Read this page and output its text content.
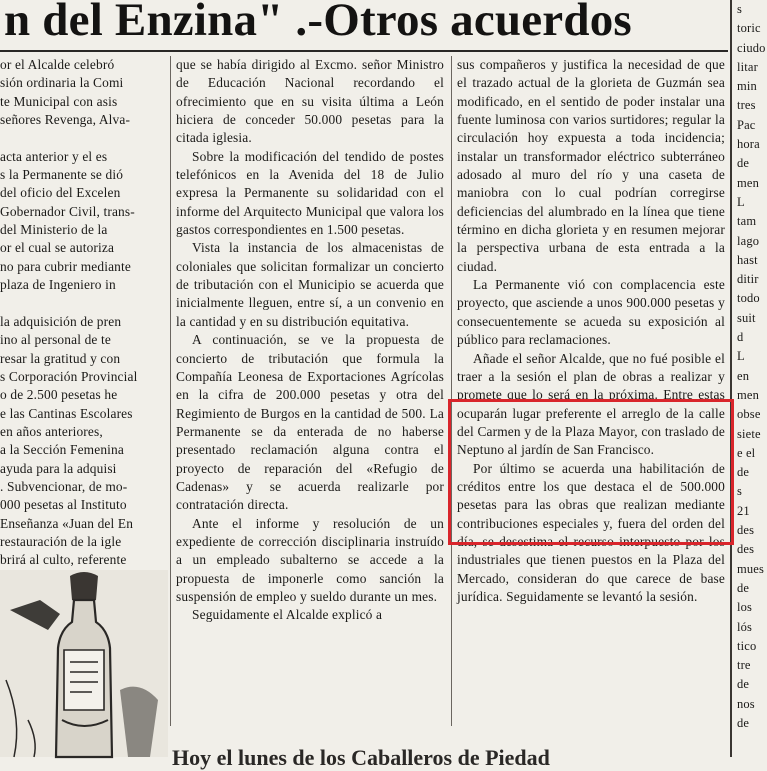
n del Enzina" .-Otros acuerdos
or el Alcalde celebró
sión ordinaria la Comi
te Municipal con asis
señores Revenga, Alva-

acta anterior y el es
s la Permanente se dió
del oficio del Excelen
Gobernador Civil, trans-
del Ministerio de la
or el cual se autoriza
no para cubrir mediante
plaza de Ingeniero in

la adquisición de pren
ino al personal de te
resar la gratitud y con
s Corporación Provincial
o de 2.500 pesetas he
e las Cantinas Escolares
en años anteriores,
a la Sección Femenina
ayuda para la adquisi
. Subvencionar, de mo-
000 pesetas al Instituto
Enseñanza «Juan del En
restauración de la igle
brirá al culto, referente

que se había dirigido al Excmo. señor Ministro de Educación Nacional recordando el ofrecimiento que en su visita última a León hiciera de conceder 50.000 pesetas para la citada iglesia.

Sobre la modificación del tendido de postes telefónicos en la Avenida del 18 de Julio expresa la Permanente su solidaridad con el informe del Arquitecto Municipal que valora los gastos correspondientes en 1.500 pesetas.

Vista la instancia de los almacenistas de coloniales que solicitan formalizar un concierto de tributación con el Municipio se acuerda que inicialmente lleguen, entre sí, a un convenio en la cantidad y en su distribución equitativa.

A continuación, se ve la propuesta de concierto de tributación que formula la Compañía Leonesa de Exportaciones Agrícolas en la cifra de 200.000 pesetas y otra del Regimiento de Burgos en la cantidad de 500. La Permanente se da enterada de no haberse presentado reclamación alguna contra el proyecto de reparación del «Refugio de Cadenas» y se acuerda realizarle por contratación directa.

Ante el informe y resolución de un expediente de corrección disciplinaria instruído a un empleado subalterno se accede a la propuesta de imponerle como sanción la suspensión de empleo y sueldo durante un mes.

Seguidamente el Alcalde explicó a

sus compañeros y justifica la necesidad de que el trazado actual de la glorieta de Guzmán sea modificado, en el sentido de poder instalar una fuente luminosa con varios surtidores; regular la circulación hoy expuesta a toda incidencia; instalar un transformador eléctrico subterráneo adosado al muro del río y una caseta de maniobra con lo cual podrían corregirse deficiencias del alumbrado en la línea que tiene término en dicha glorieta y en resumen mejorar la perspectiva urbana de esta entrada a la ciudad.

La Permanente vió con complacencia este proyecto, que asciende a unos 900.000 pesetas y consecuentemente se acueda su exposición al público para reclamaciones.

Añade el señor Alcalde, que no fué posible el traer a la sesión el plan de obras a realizar y promete que lo será en la próxima. Entre estas ocuparán lugar preferente el arreglo de la calle del Carmen y de la Plaza Mayor, con traslado de Neptuno al jardín de San Francisco.

Por último se acuerda una habilitación de créditos entre los que destaca el de 500.000 pesetas para las obras que realizan mediante contribuciones especiales y, fuera del orden del día, se desestima el recurso interpuesto por los industriales que tienen puestos en la Plaza del Mercado, consideran do que carece de base jurídica. Seguidamente se levantó la sesión.

s
toric
ciudo
litar
min
tres
Pac
hora
de
men
L
tam
lago
hast
ditir
todo
suit
d
L
en
men
obse
siete
e el
de
s
21
des
des
mues
de
los
lós
tico
tre
de
nos
de
Hoy el lunes de los Caballeros de Piedad
